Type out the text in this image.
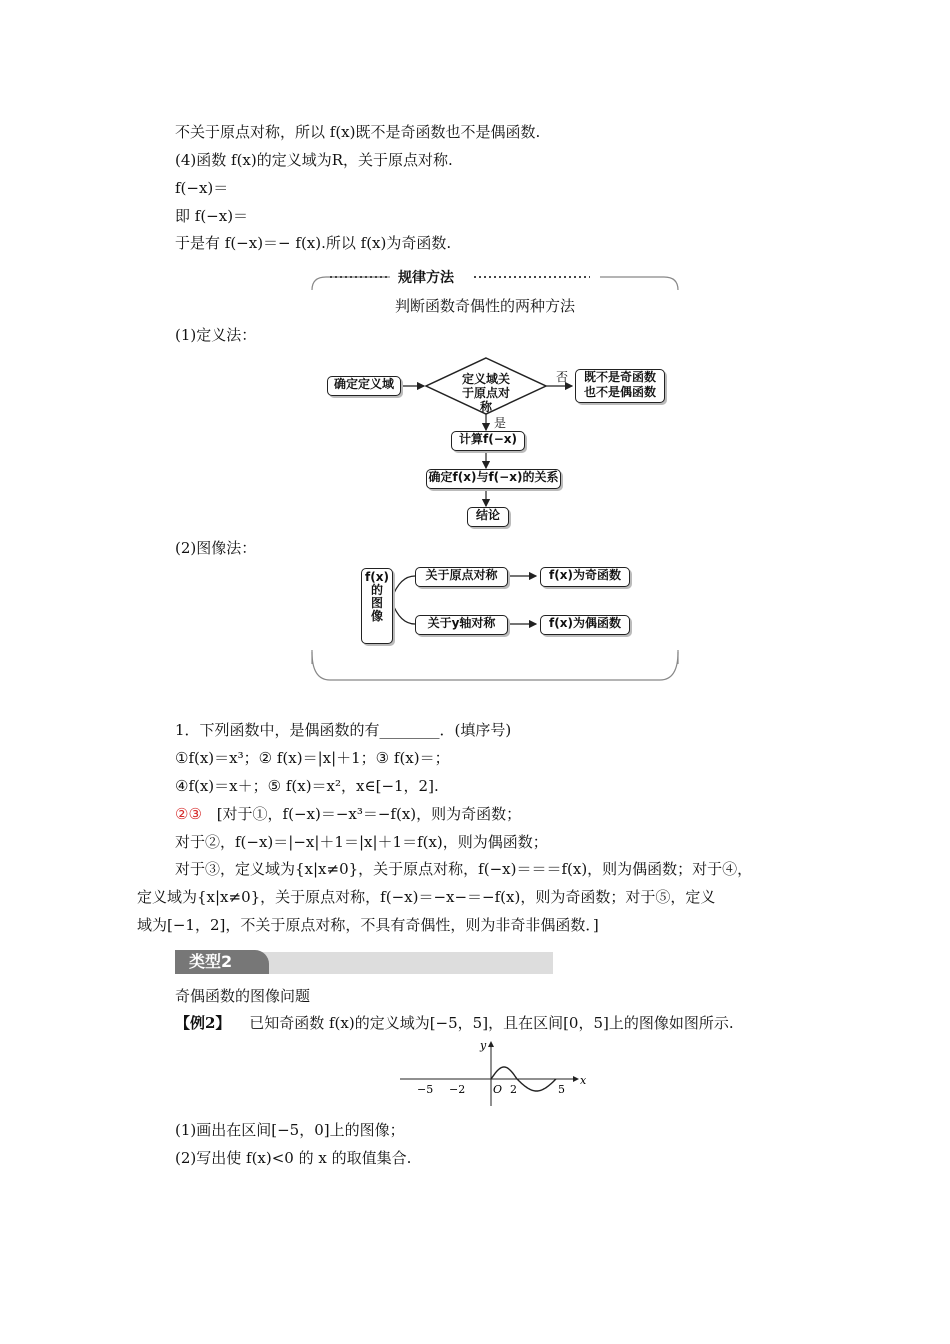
不关于原点对称，所以 f(x)既不是奇函数也不是偶函数.
(4)函数 f(x)的定义域为R，关于原点对称.
f(−x)＝
即 f(−x)＝
于是有 f(−x)＝− f(x).所以 f(x)为奇函数.
规律方法
判断函数奇偶性的两种方法
(1)定义法：
定义域关
于原点对称
确定定义域	既不是奇函数
也不是偶函数
否
是
计算f(−x)
确定f(x)与f(−x)的关系
结论
(2)图像法：
f(x)
的
图
像
关于原点对称
关于y轴对称
f(x)为奇函数
f(x)为偶函数
1．下列函数中，是偶函数的有________．(填序号)
①f(x)＝x³；② f(x)＝|x|＋1；③ f(x)＝；
④f(x)＝x＋；⑤ f(x)＝x²，x∈[−1，2].
②③ [对于①，f(−x)＝−x³＝−f(x)，则为奇函数；
对于②，f(−x)＝|−x|＋1＝|x|＋1＝f(x)，则为偶函数；
对于③，定义域为{x|x≠0}，关于原点对称，f(−x)＝＝＝f(x)，则为偶函数；对于④，
定义域为{x|x≠0}，关于原点对称，f(−x)＝−x−＝−f(x)，则为奇函数；对于⑤，定义
域为[−1，2]，不关于原点对称，不具有奇偶性，则为非奇非偶函数．]
类型2
奇偶函数的图像问题
【例2】 已知奇函数 f(x)的定义域为[−5，5]，且在区间[0，5]上的图像如图所示.
x
y
−5 −2	O 2	5
(1)画出在区间[−5，0]上的图像；
(2)写出使 f(x)<0 的 x 的取值集合.
